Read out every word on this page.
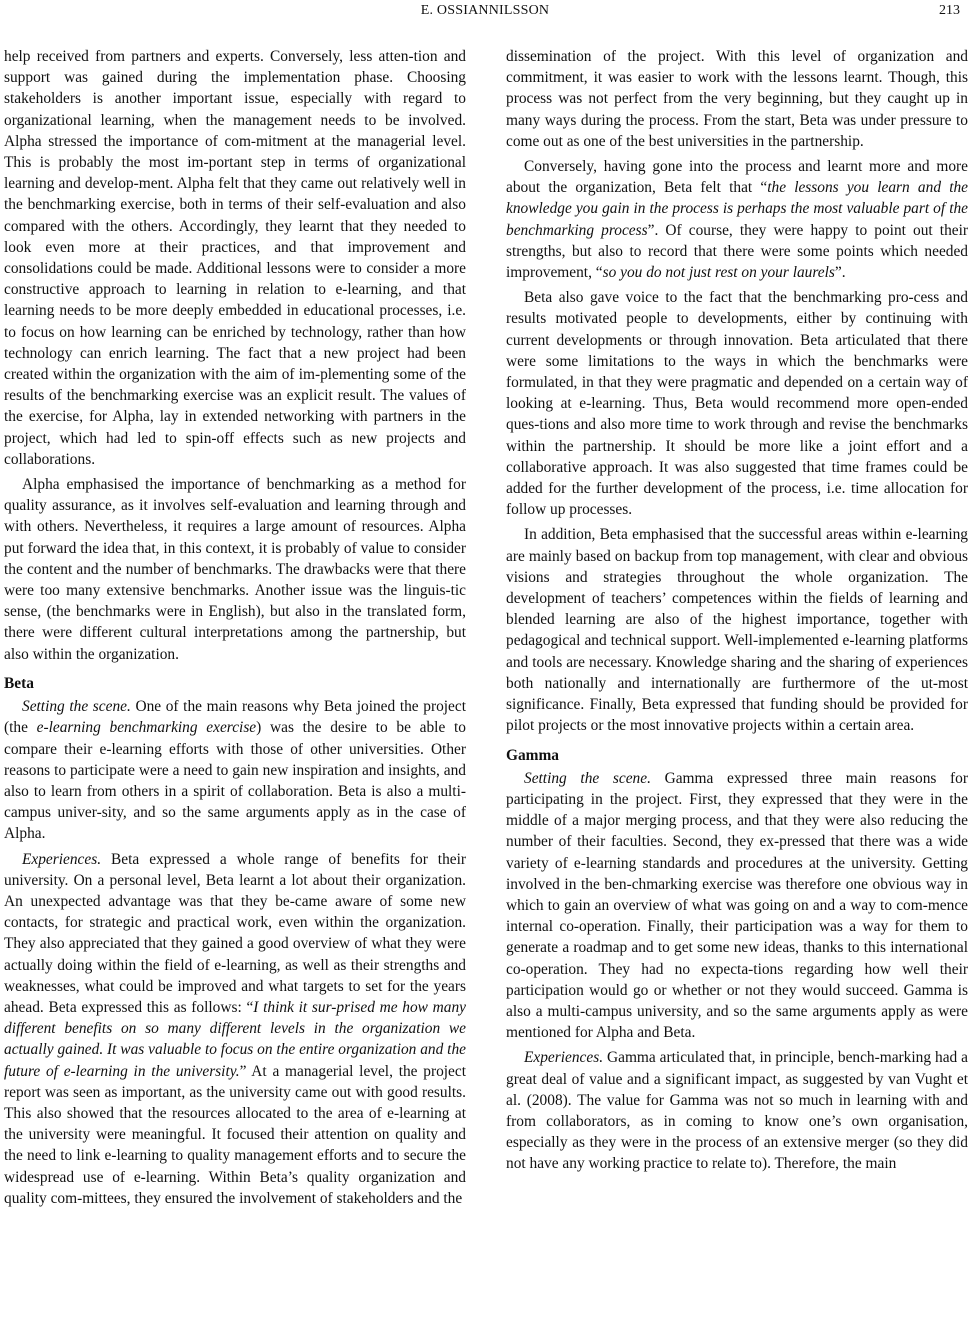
E. OSSIANNILSSON	213

help received from partners and experts. Conversely, less atten-tion and support was gained during the implementation phase. Choosing stakeholders is another important issue, especially with regard to organizational learning, when the management needs to be involved. Alpha stressed the importance of com-mitment at the managerial level. This is probably the most im-portant step in terms of organizational learning and develop-ment. Alpha felt that they came out relatively well in the benchmarking exercise, both in terms of their self-evaluation and also compared with the others. Accordingly, they learnt that they needed to look even more at their practices, and that improvement and consolidations could be made. Additional lessons were to consider a more constructive approach to learning in relation to e-learning, and that learning needs to be more deeply embedded in educational processes, i.e. to focus on how learning can be enriched by technology, rather than how technology can enrich learning. The fact that a new project had been created within the organization with the aim of im-plementing some of the results of the benchmarking exercise was an explicit result. The values of the exercise, for Alpha, lay in extended networking with partners in the project, which had led to spin-off effects such as new projects and collaborations.

Alpha emphasised the importance of benchmarking as a method for quality assurance, as it involves self-evaluation and learning through and with others. Nevertheless, it requires a large amount of resources. Alpha put forward the idea that, in this context, it is probably of value to consider the content and the number of benchmarks. The drawbacks were that there were too many extensive benchmarks. Another issue was the linguis-tic sense, (the benchmarks were in English), but also in the translated form, there were different cultural interpretations among the partnership, but also within the organization.

Beta

Setting the scene. One of the main reasons why Beta joined the project (the e-learning benchmarking exercise) was the desire to be able to compare their e-learning efforts with those of other universities. Other reasons to participate were a need to gain new inspiration and insights, and also to learn from others in a spirit of collaboration. Beta is also a multi-campus univer-sity, and so the same arguments apply as in the case of Alpha.

Experiences. Beta expressed a whole range of benefits for their university. On a personal level, Beta learnt a lot about their organization. An unexpected advantage was that they be-came aware of some new contacts, for strategic and practical work, even within the organization. They also appreciated that they gained a good overview of what they were actually doing within the field of e-learning, as well as their strengths and weaknesses, what could be improved and what targets to set for the years ahead. Beta expressed this as follows: “I think it sur-prised me how many different benefits on so many different levels in the organization we actually gained. It was valuable to focus on the entire organization and the future of e-learning in the university.” At a managerial level, the project report was seen as important, as the university came out with good results. This also showed that the resources allocated to the area of e-learning at the university were meaningful. It focused their attention on quality and the need to link e-learning to quality management efforts and to secure the widespread use of e-learning. Within Beta’s quality organization and quality com-mittees, they ensured the involvement of stakeholders and the

dissemination of the project. With this level of organization and commitment, it was easier to work with the lessons learnt. Though, this process was not perfect from the very beginning, but they caught up in many ways during the process. From the start, Beta was under pressure to come out as one of the best universities in the partnership.

Conversely, having gone into the process and learnt more and more about the organization, Beta felt that “the lessons you learn and the knowledge you gain in the process is perhaps the most valuable part of the benchmarking process”. Of course, they were happy to point out their strengths, but also to record that there were some points which needed improvement, “so you do not just rest on your laurels”.

Beta also gave voice to the fact that the benchmarking pro-cess and results motivated people to developments, either by continuing with current developments or through innovation. Beta articulated that there were some limitations to the ways in which the benchmarks were formulated, in that they were pragmatic and depended on a certain way of looking at e-learning. Thus, Beta would recommend more open-ended ques-tions and also more time to work through and revise the benchmarks within the partnership. It should be more like a joint effort and a collaborative approach. It was also suggested that time frames could be added for the further development of the process, i.e. time allocation for follow up processes.

In addition, Beta emphasised that the successful areas within e-learning are mainly based on backup from top management, with clear and obvious visions and strategies throughout the whole organization. The development of teachers’ competences within the fields of learning and blended learning are also of the highest importance, together with pedagogical and technical support. Well-implemented e-learning platforms and tools are necessary. Knowledge sharing and the sharing of experiences both nationally and internationally are furthermore of the ut-most significance. Finally, Beta expressed that funding should be provided for pilot projects or the most innovative projects within a certain area.

Gamma

Setting the scene. Gamma expressed three main reasons for participating in the project. First, they expressed that they were in the middle of a major merging process, and that they were also reducing the number of their faculties. Second, they ex-pressed that there was a wide variety of e-learning standards and procedures at the university. Getting involved in the ben-chmarking exercise was therefore one obvious way in which to gain an overview of what was going on and a way to com-mence internal co-operation. Finally, their participation was a way for them to generate a roadmap and to get some new ideas, thanks to this international co-operation. They had no expecta-tions regarding how well their participation would go or whether or not they would succeed. Gamma is also a multi-campus university, and so the same arguments apply as were mentioned for Alpha and Beta.

Experiences. Gamma articulated that, in principle, bench-marking had a great deal of value and a significant impact, as suggested by van Vught et al. (2008). The value for Gamma was not so much in learning with and from collaborators, as in coming to know one’s own organisation, especially as they were in the process of an extensive merger (so they did not have any working practice to relate to). Therefore, the main
